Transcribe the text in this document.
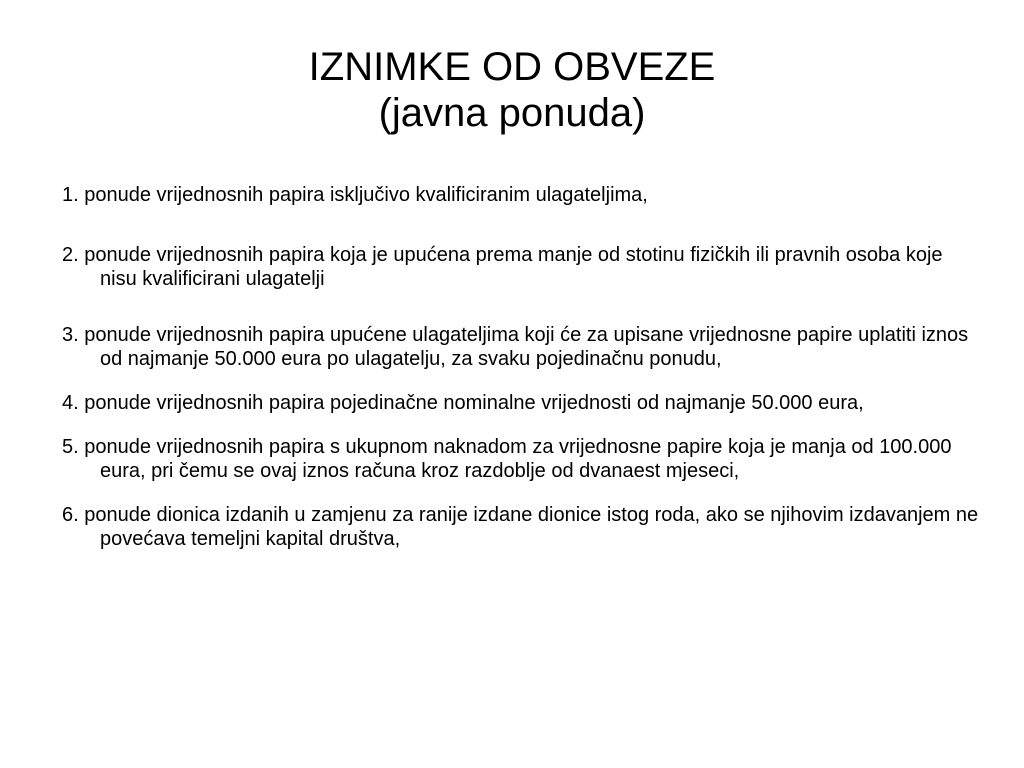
IZNIMKE OD OBVEZE
(javna ponuda)
1. ponude vrijednosnih papira isključivo kvalificiranim ulagateljima,
2. ponude vrijednosnih papira koja je upućena prema manje od stotinu fizičkih ili pravnih osoba koje nisu kvalificirani ulagatelji
3. ponude vrijednosnih papira upućene ulagateljima koji će za upisane vrijednosne papire uplatiti iznos od najmanje 50.000 eura po ulagatelju, za svaku pojedinačnu ponudu,
4. ponude vrijednosnih papira pojedinačne nominalne vrijednosti od najmanje 50.000 eura,
5. ponude vrijednosnih papira s ukupnom naknadom za vrijednosne papire koja je manja od 100.000 eura, pri čemu se ovaj iznos računa kroz razdoblje od dvanaest mjeseci,
6. ponude dionica izdanih u zamjenu za ranije izdane dionice istog roda, ako se njihovim izdavanjem ne povećava temeljni kapital društva,
